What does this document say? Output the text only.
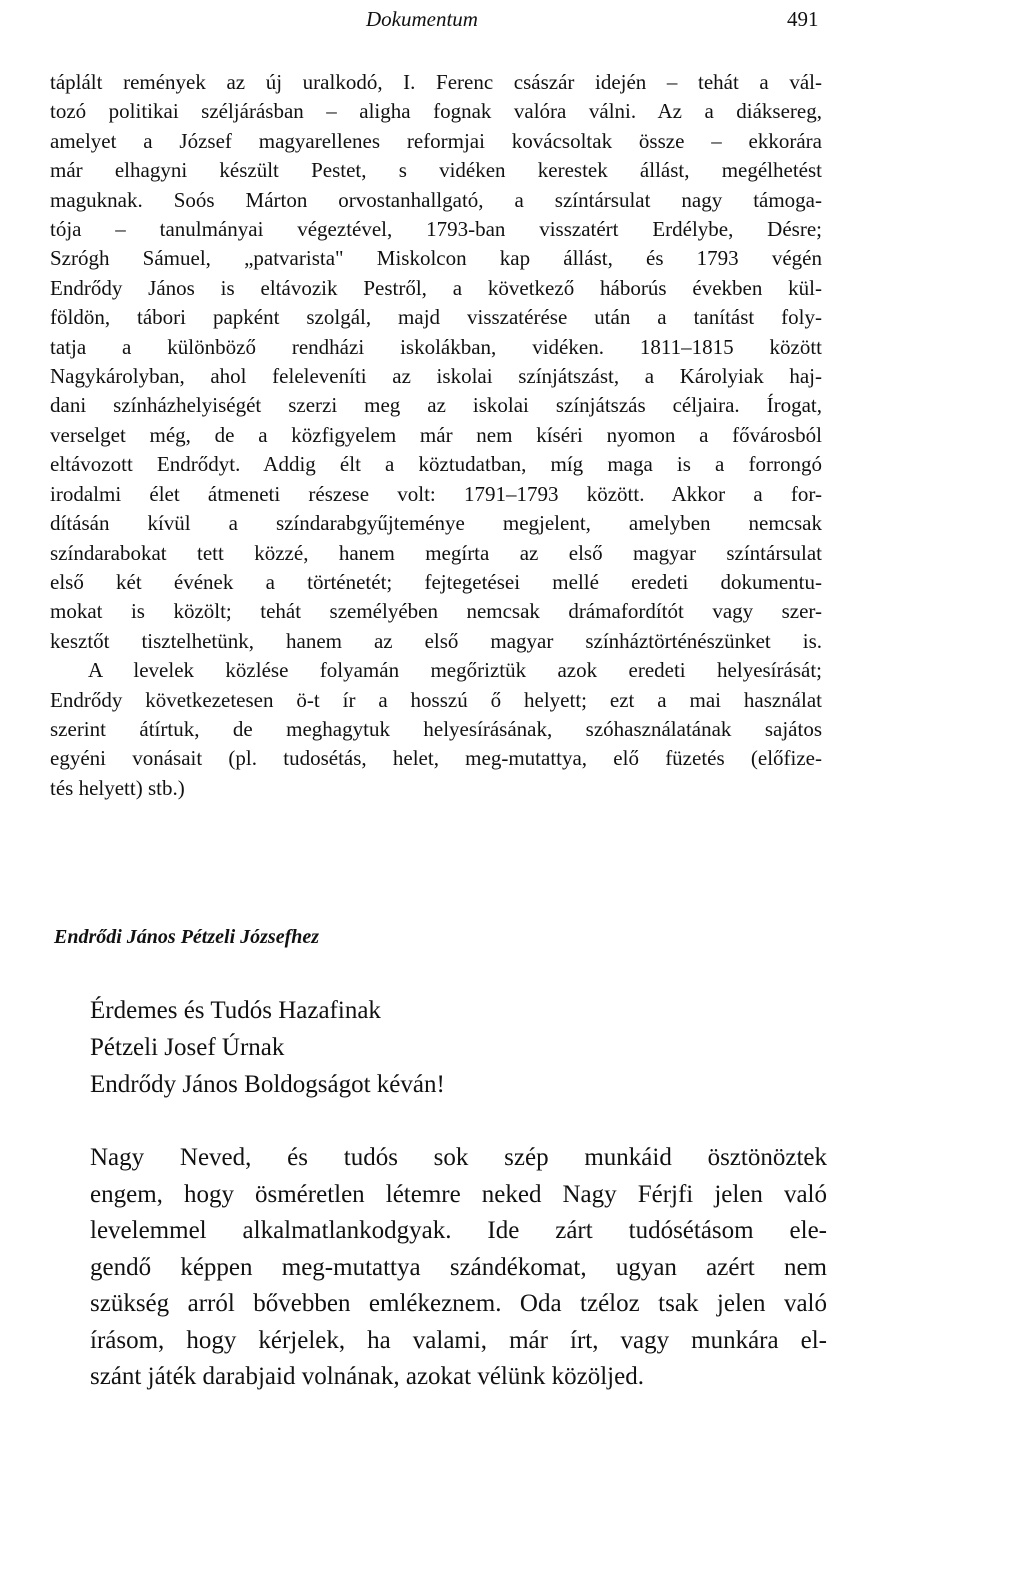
Dokumentum	491

táplált remények az új uralkodó, I. Ferenc császár idején – tehát a vál-

tozó politikai széljárásban – aligha fognak valóra válni. Az a diáksereg,

amelyet a József magyarellenes reformjai kovácsoltak össze – ekkorára

már elhagyni készült Pestet, s vidéken kerestek állást, megélhetést

maguknak. Soós Márton orvostanhallgató, a színtársulat nagy támoga-

tója – tanulmányai végeztével, 1793-ban visszatért Erdélybe, Désre;

Szrógh Sámuel, „patvarista" Miskolcon kap állást, és 1793 végén

Endrődy János is eltávozik Pestről, a következő háborús években kül-

földön, tábori papként szolgál, majd visszatérése után a tanítást foly-

tatja a különböző rendházi iskolákban, vidéken. 1811–1815 között

Nagykárolyban, ahol feleleveníti az iskolai színjátszást, a Károlyiak haj-

dani színházhelyiségét szerzi meg az iskolai színjátszás céljaira. Írogat,

verselget még, de a közfigyelem már nem kíséri nyomon a fővárosból

eltávozott Endrődyt. Addig élt a köztudatban, míg maga is a forrongó

irodalmi élet átmeneti részese volt: 1791–1793 között. Akkor a for-

dításán kívül a színdarabgyűjteménye megjelent, amelyben nemcsak

színdarabokat tett közzé, hanem megírta az első magyar színtársulat

első két évének a történetét; fejtegetései mellé eredeti dokumentu-

mokat is közölt; tehát személyében nemcsak drámafordítót vagy szer-

kesztőt tisztelhetünk, hanem az első magyar színháztörténészünket is.

A levelek közlése folyamán megőriztük azok eredeti helyesírását;

Endrődy következetesen ö-t ír a hosszú ő helyett; ezt a mai használat

szerint átírtuk, de meghagytuk helyesírásának, szóhasználatának sajátos

egyéni vonásait (pl. tudosétás, helet, meg-mutattya, elő füzetés (előfize-

tés helyett) stb.)

Endrődi János Pétzeli Józsefhez
Érdemes és Tudós Hazafinak
Pétzeli Josef Úrnak
Endrődy János Boldogságot kéván!

Nagy Neved, és tudós sok szép munkáid ösztönöztek

engem, hogy ösméretlen létemre neked Nagy Férjfi jelen való

levelemmel alkalmatlankodgyak. Ide zárt tudósétásom ele-

gendő képpen meg-mutattya szándékomat, ugyan azért nem

szükség arról bővebben emlékeznem. Oda tzéloz tsak jelen való

írásom, hogy kérjelek, ha valami, már írt, vagy munkára el-

szánt játék darabjaid volnának, azokat vélünk közöljed.
